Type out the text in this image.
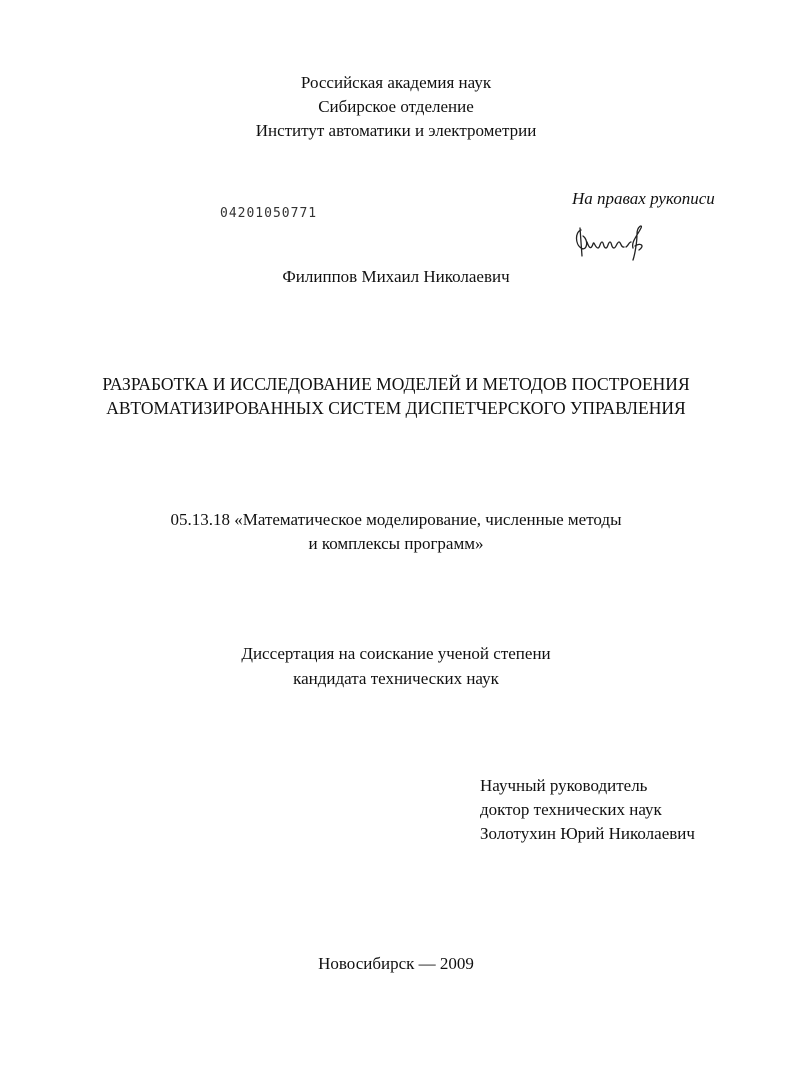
Российская академия наук
Сибирское отделение
Институт автоматики и электрометрии
04201050771
На правах рукописи
Филиппов Михаил Николаевич
РАЗРАБОТКА И ИССЛЕДОВАНИЕ МОДЕЛЕЙ И МЕТОДОВ ПОСТРОЕНИЯ
АВТОМАТИЗИРОВАННЫХ СИСТЕМ ДИСПЕТЧЕРСКОГО УПРАВЛЕНИЯ
05.13.18 «Математическое моделирование, численные методы
и комплексы программ»
Диссертация на соискание ученой степени
кандидата технических наук
Научный руководитель
доктор технических наук
Золотухин Юрий Николаевич
Новосибирск — 2009
